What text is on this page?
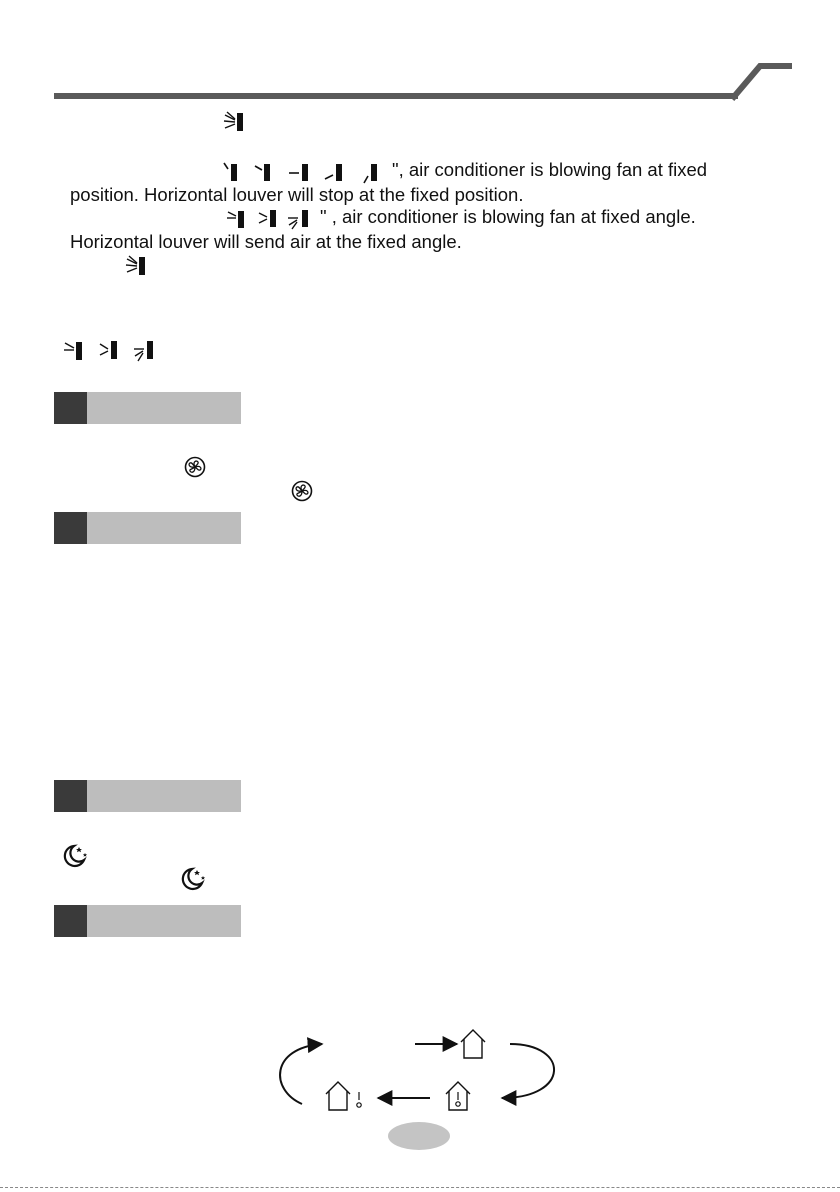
", air conditioner is blowing fan at fixed
position. Horizontal louver will stop at the fixed position.
" , air conditioner is blowing fan at fixed angle.
Horizontal louver will send air at the fixed angle.
